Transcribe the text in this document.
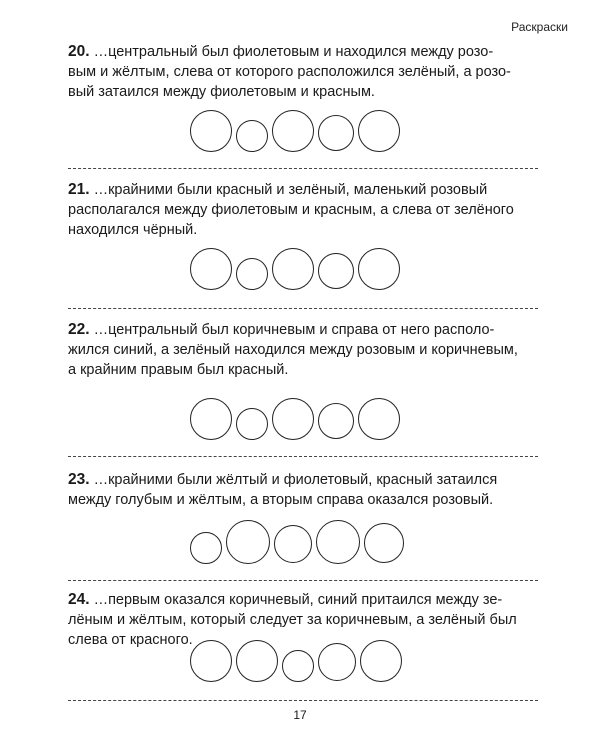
Раскраски
20. …центральный был фиолетовым и находился между розо-
вым и жёлтым, слева от которого расположился зелёный, а розо-
вый затаился между фиолетовым и красным.
21. …крайними были красный и зелёный, маленький розовый
располагался между фиолетовым и красным, а слева от зелёного
находился чёрный.
22. …центральный был коричневым и справа от него располо-
жился синий, а зелёный находился между розовым и коричневым,
а крайним правым был красный.
23. …крайними были жёлтый и фиолетовый, красный затаился
между голубым и жёлтым, а вторым справа оказался розовый.
24. …первым оказался коричневый, синий притаился между зе-
лёным и жёлтым, который следует за коричневым, а зелёный был
слева от красного.
17
